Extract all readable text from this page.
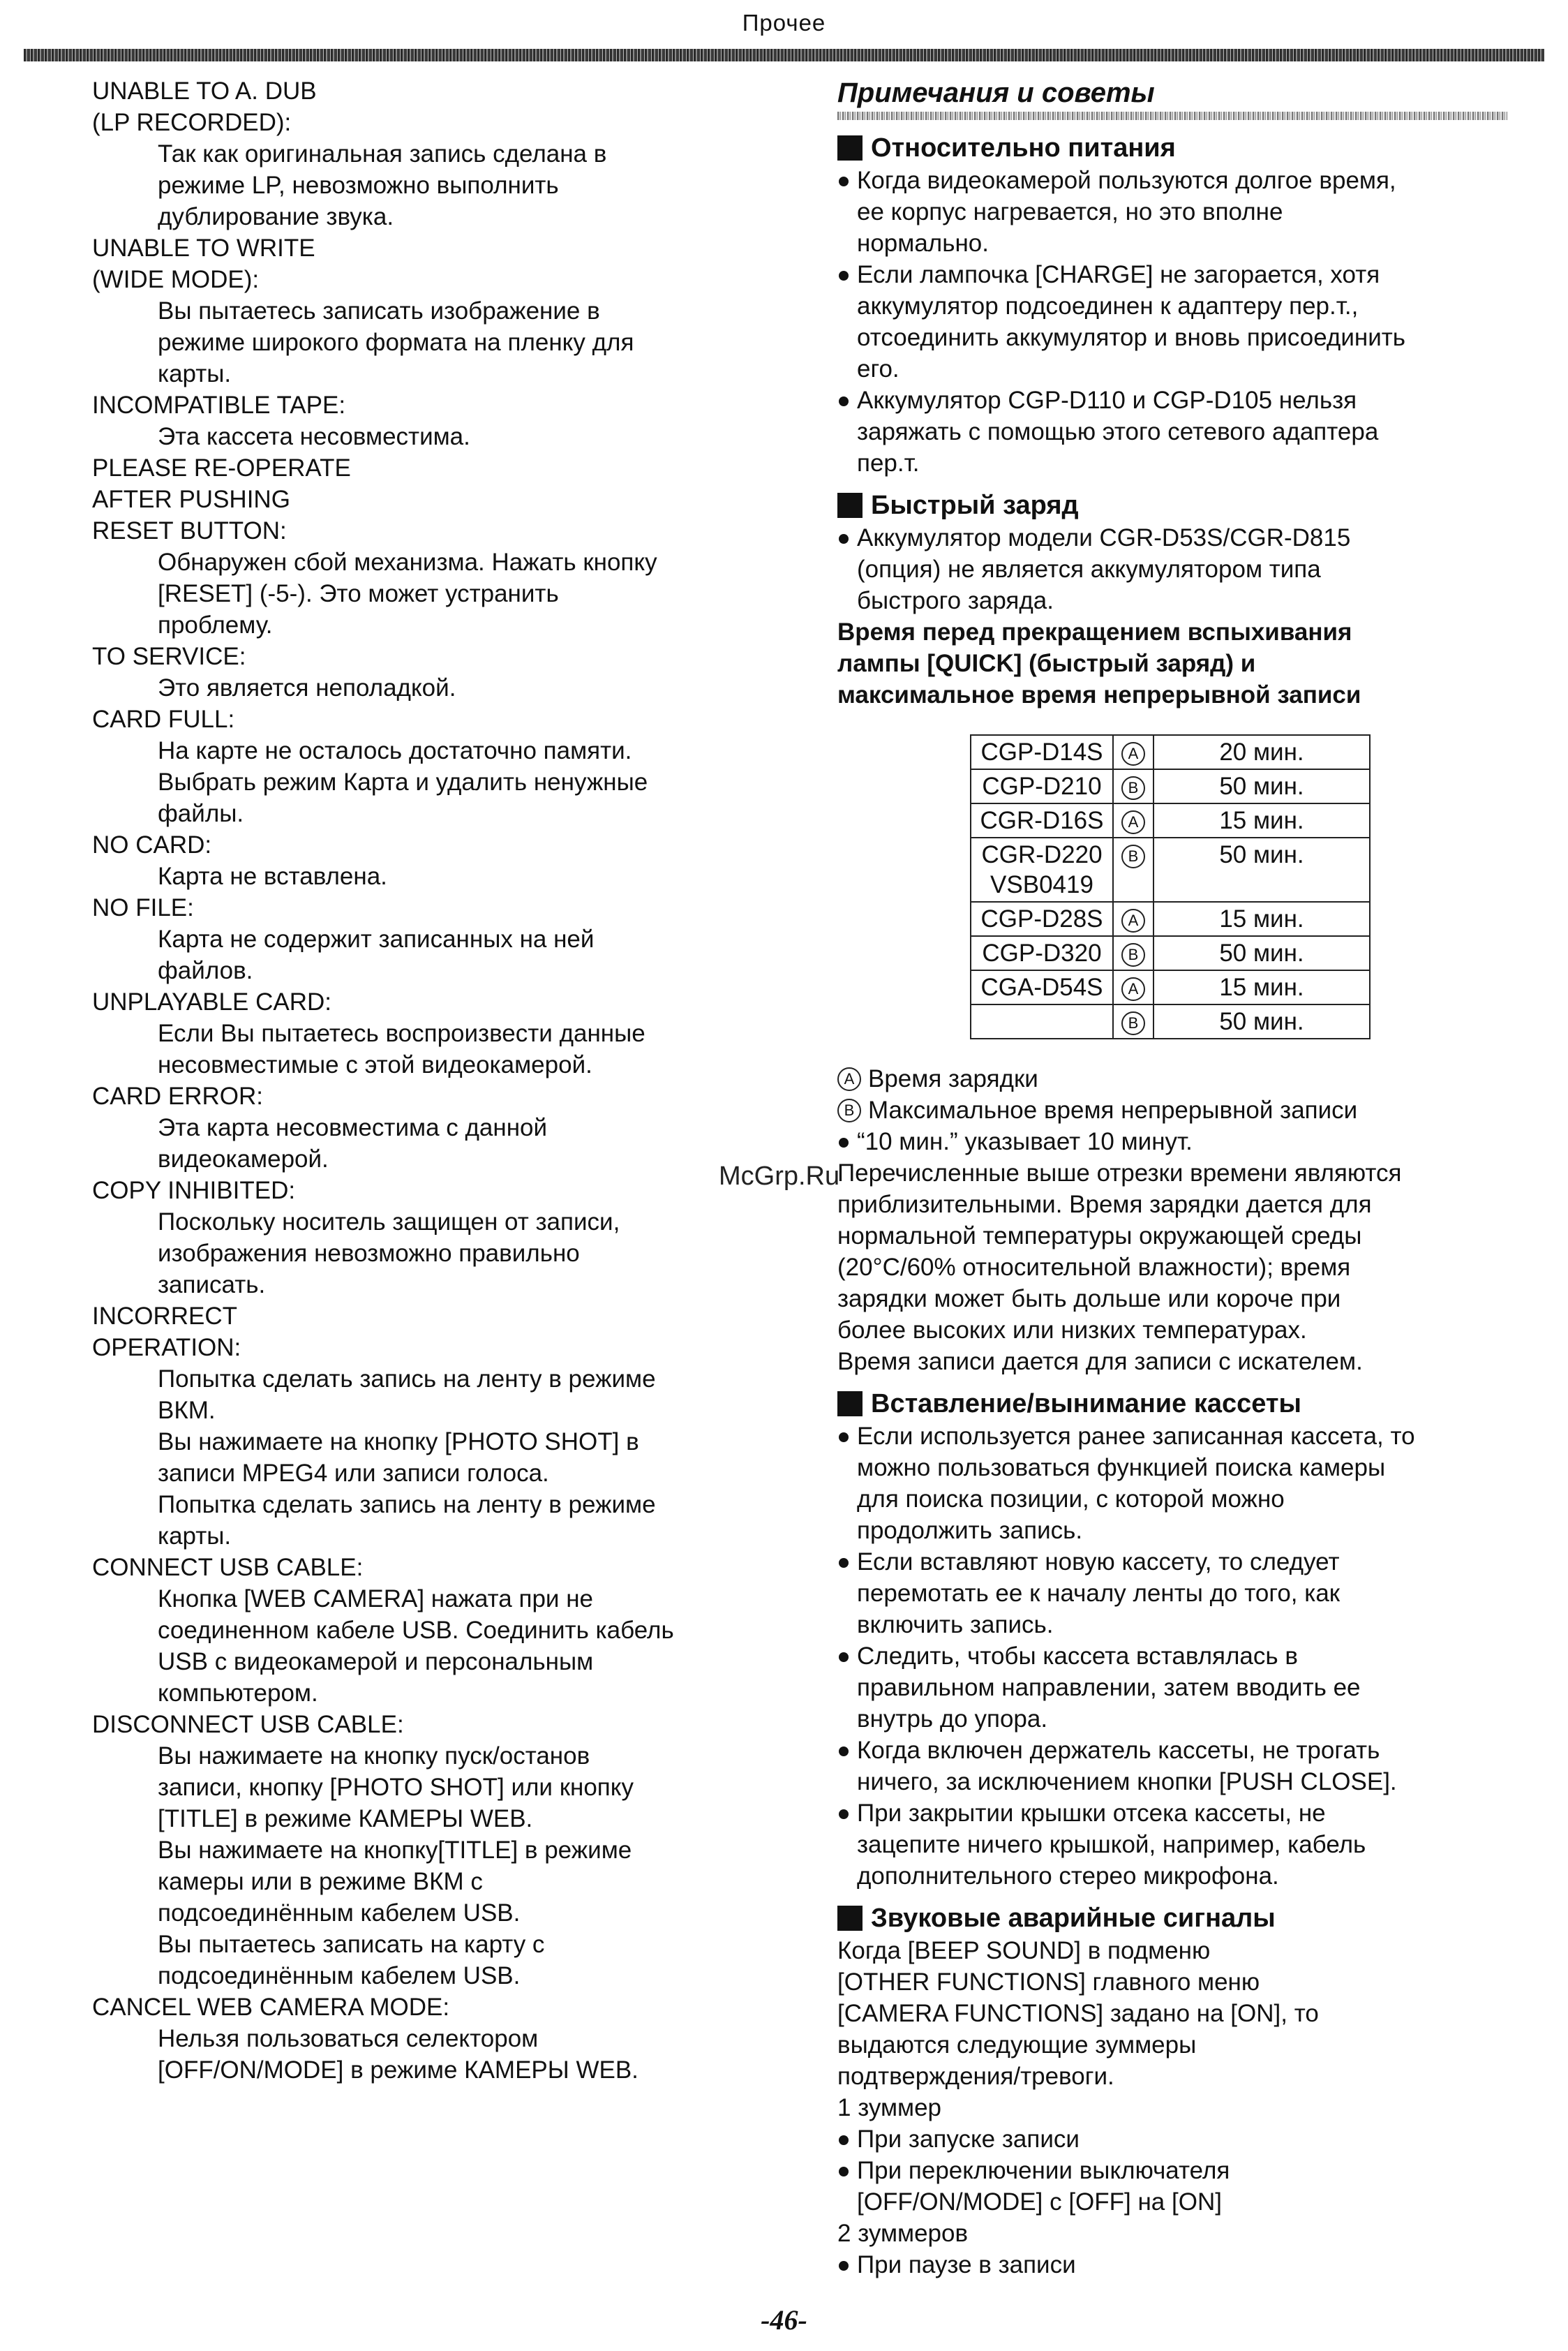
Прочее
UNABLE TO A. DUB
(LP RECORDED):
Так как оригинальная запись сделана в
режиме LP, невозможно выполнить
дублирование звука.
UNABLE TO WRITE
(WIDE MODE):
Вы пытаетесь записать изображение в
режиме широкого формата на пленку для
карты.
INCOMPATIBLE TAPE:
Эта кассета несовместима.
PLEASE RE-OPERATE
AFTER PUSHING
RESET BUTTON:
Обнаружен сбой механизма. Нажать кнопку
[RESET] (-5-). Это может устранить
проблему.
TO SERVICE:
Это является неполадкой.
CARD FULL:
На карте не осталось достаточно памяти.
Выбрать режим Карта и удалить ненужные
файлы.
NO CARD:
Карта не вставлена.
NO FILE:
Карта не содержит записанных на ней
файлов.
UNPLAYABLE CARD:
Если Вы пытаетесь воспроизвести данные
несовместимые с этой видеокамерой.
CARD ERROR:
Эта карта несовместима с данной
видеокамерой.
COPY INHIBITED:
Поскольку носитель защищен от записи,
изображения невозможно правильно
записать.
INCORRECT
OPERATION:
Попытка сделать запись на ленту в режиме
ВКМ.
Вы нажимаете на кнопку [PHOTO SHOT] в
записи MPEG4 или записи голоса.
Попытка сделать запись на ленту в режиме
карты.
CONNECT USB CABLE:
Кнопка [WEB CAMERA] нажата при не
соединенном кабеле USB. Соединить кабель
USB с видеокамерой и персональным
компьютером.
DISCONNECT USB CABLE:
Вы нажимаете на кнопку пуск/останов
записи, кнопку [PHOTO SHOT] или кнопку
[TITLE] в режиме КАМЕРЫ WEB.
Вы нажимаете на кнопку[TITLE] в режиме
камеры или в режиме ВКМ с
подсоединённым кабелем USB.
Вы пытаетесь записать на карту с
подсоединённым кабелем USB.
CANCEL WEB CAMERA MODE:
Нельзя пользоваться селектором
[OFF/ON/MODE] в режиме КАМЕРЫ WEB.
Примечания и советы
Относительно питания
Когда видеокамерой пользуются долгое время,
ее корпус нагревается, но это вполне
нормально.
Если лампочка [CHARGE] не загорается, хотя
аккумулятор подсоединен к адаптеру пер.т.,
отсоединить аккумулятор и вновь присоединить
его.
Аккумулятор CGP-D110 и CGP-D105 нельзя
заряжать с помощью этого сетевого адаптера
пер.т.
Быстрый заряд
Аккумулятор модели CGR-D53S/CGR-D815
(опция) не является аккумулятором типа
быстрого заряда.

Время перед прекращением вспыхивания
лампы [QUICK] (быстрый заряд) и
максимальное время непрерывной записи

CGP-D14S	A	20 мин.
CGP-D210	B	50 мин.
CGR-D16S	A	15 мин.
CGR-D220
VSB0419	B	50 мин.
CGP-D28S	A	15 мин.
CGP-D320	B	50 мин.
CGA-D54S	A	15 мин.
	B	50 мин.

A Время зарядки

B Максимальное время непрерывной записи

“10 мин.” указывает 10 минут.

Перечисленные выше отрезки времени являются
приблизительными. Время зарядки дается для
нормальной температуры окружающей среды
(20°C/60% относительной влажности); время
зарядки может быть дольше или короче при
более высоких или низких температурах.
Время записи дается для записи с искателем.

Вставление/вынимание кассеты
Если используется ранее записанная кассета, то
можно пользоваться функцией поиска камеры
для поиска позиции, с которой можно
продолжить запись.
Если вставляют новую кассету, то следует
перемотать ее к началу ленты до того, как
включить запись.
Следить, чтобы кассета вставлялась в
правильном направлении, затем вводить ее
внутрь до упора.
Когда включен держатель кассеты, не трогать
ничего, за исключением кнопки [PUSH CLOSE].
При закрытии крышки отсека кассеты, не
зацепите ничего крышкой, например, кабель
дополнительного стерео микрофона.
Звуковые аварийные сигналы

Когда [BEEP SOUND] в подменю
[OTHER FUNCTIONS] главного меню
[CAMERA FUNCTIONS] задано на [ON], то
выдаются следующие зуммеры
подтверждения/тревоги.

1 зуммер

При запуске записи
При переключении выключателя
[OFF/ON/MODE] с [OFF] на [ON]

2 зуммеров

При паузе в записи
McGrp.Ru
-46-
